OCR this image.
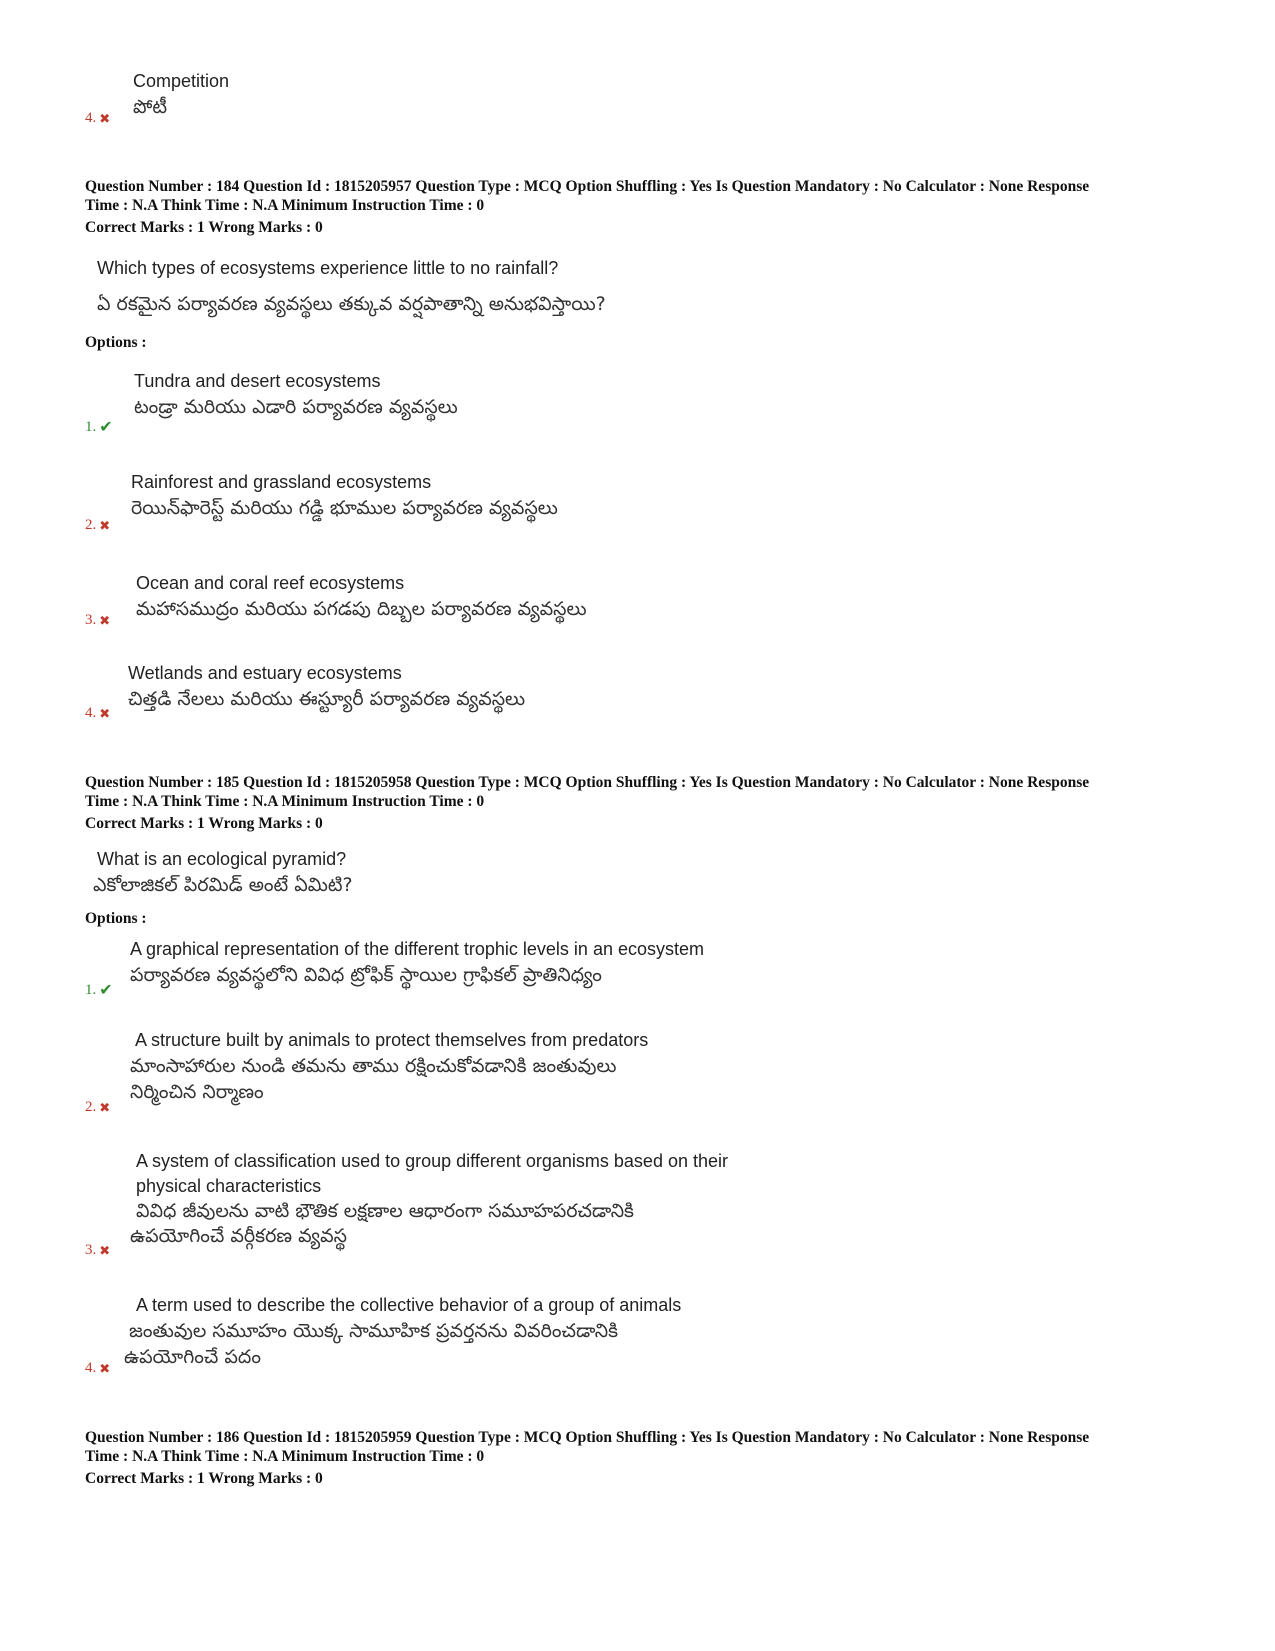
Competition
పోటీ
4. ✖
Question Number : 184 Question Id : 1815205957 Question Type : MCQ Option Shuffling : Yes Is Question Mandatory : No Calculator : None Response
Time : N.A Think Time : N.A Minimum Instruction Time : 0
Correct Marks : 1 Wrong Marks : 0
Which types of ecosystems experience little to no rainfall?
ఏ రకమైన పర్యావరణ వ్యవస్థలు తక్కువ వర్షపాతాన్ని అనుభవిస్తాయి?
Options :
Tundra and desert ecosystems
టండ్రా మరియు ఎడారి పర్యావరణ వ్యవస్థలు
1. ✔
Rainforest and grassland ecosystems
రెయిన్‌ఫారెస్ట్ మరియు గడ్డి భూముల పర్యావరణ వ్యవస్థలు
2. ✖
Ocean and coral reef ecosystems
మహాసముద్రం మరియు పగడపు దిబ్బల పర్యావరణ వ్యవస్థలు
3. ✖
Wetlands and estuary ecosystems
చిత్తడి నేలలు మరియు ఈస్ట్యూరీ పర్యావరణ వ్యవస్థలు
4. ✖
Question Number : 185 Question Id : 1815205958 Question Type : MCQ Option Shuffling : Yes Is Question Mandatory : No Calculator : None Response
Time : N.A Think Time : N.A Minimum Instruction Time : 0
Correct Marks : 1 Wrong Marks : 0
What is an ecological pyramid?
ఎకోలాజికల్ పిరమిడ్ అంటే ఏమిటి?
Options :
A graphical representation of the different trophic levels in an ecosystem
పర్యావరణ వ్యవస్థలోని వివిధ ట్రోఫిక్ స్థాయిల గ్రాఫికల్ ప్రాతినిధ్యం
1. ✔
A structure built by animals to protect themselves from predators
మాంసాహారుల నుండి తమను తాము రక్షించుకోవడానికి జంతువులు
నిర్మించిన నిర్మాణం
2. ✖
A system of classification used to group different organisms based on their
physical characteristics
వివిధ జీవులను వాటి భౌతిక లక్షణాల ఆధారంగా సమూహపరచడానికి
ఉపయోగించే వర్గీకరణ వ్యవస్థ
3. ✖
A term used to describe the collective behavior of a group of animals
జంతువుల సమూహం యొక్క సామూహిక ప్రవర్తనను వివరించడానికి
ఉపయోగించే పదం
4. ✖
Question Number : 186 Question Id : 1815205959 Question Type : MCQ Option Shuffling : Yes Is Question Mandatory : No Calculator : None Response
Time : N.A Think Time : N.A Minimum Instruction Time : 0
Correct Marks : 1 Wrong Marks : 0
